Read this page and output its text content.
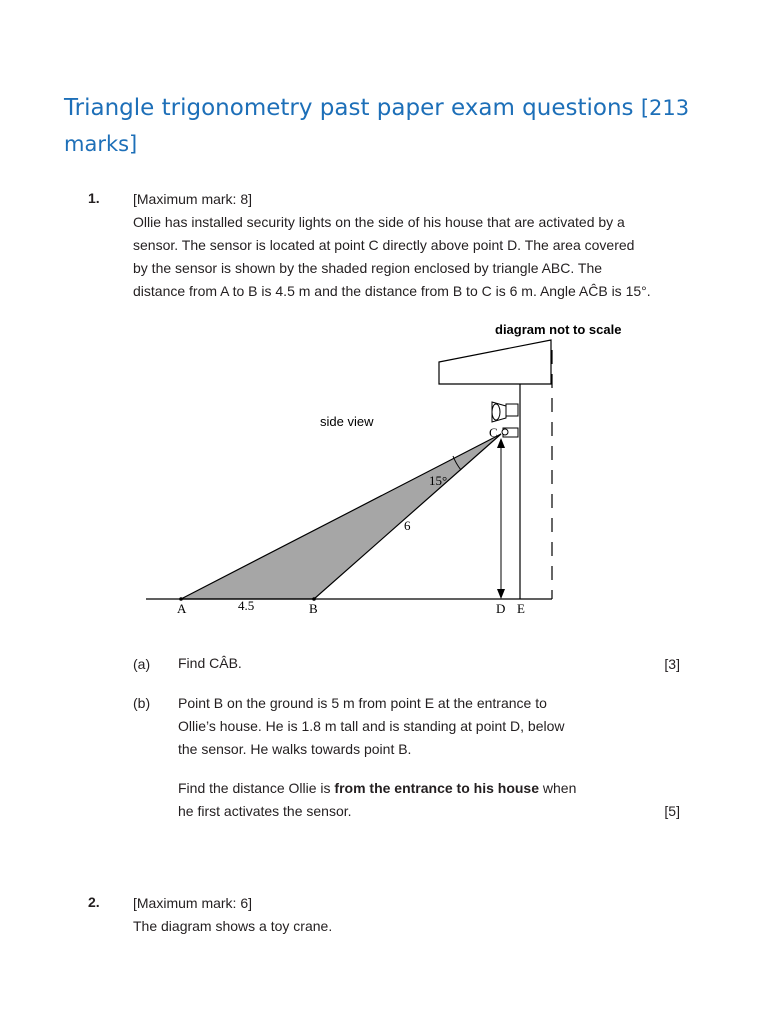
Triangle trigonometry past paper exam questions [213 marks]
1. [Maximum mark: 8]

Ollie has installed security lights on the side of his house that are activated by a

sensor. The sensor is located at point C directly above point D. The area covered

by the sensor is shown by the shaded region enclosed by triangle ABC. The

distance from A to B is 4.5 m and the distance from B to C is 6 m. Angle AĈB is 15°.

diagram not to scale
side view
C
15°
6
A	4.5	B	D E
(a) Find CÂB.	[3]
(b) Point B on the ground is 5 m from point E at the entrance to
Ollie’s house. He is 1.8 m tall and is standing at point D, below
the sensor. He walks towards point B.
Find the distance Ollie is from the entrance to his house when
he first activates the sensor.	[5]
2. [Maximum mark: 6]

The diagram shows a toy crane.
